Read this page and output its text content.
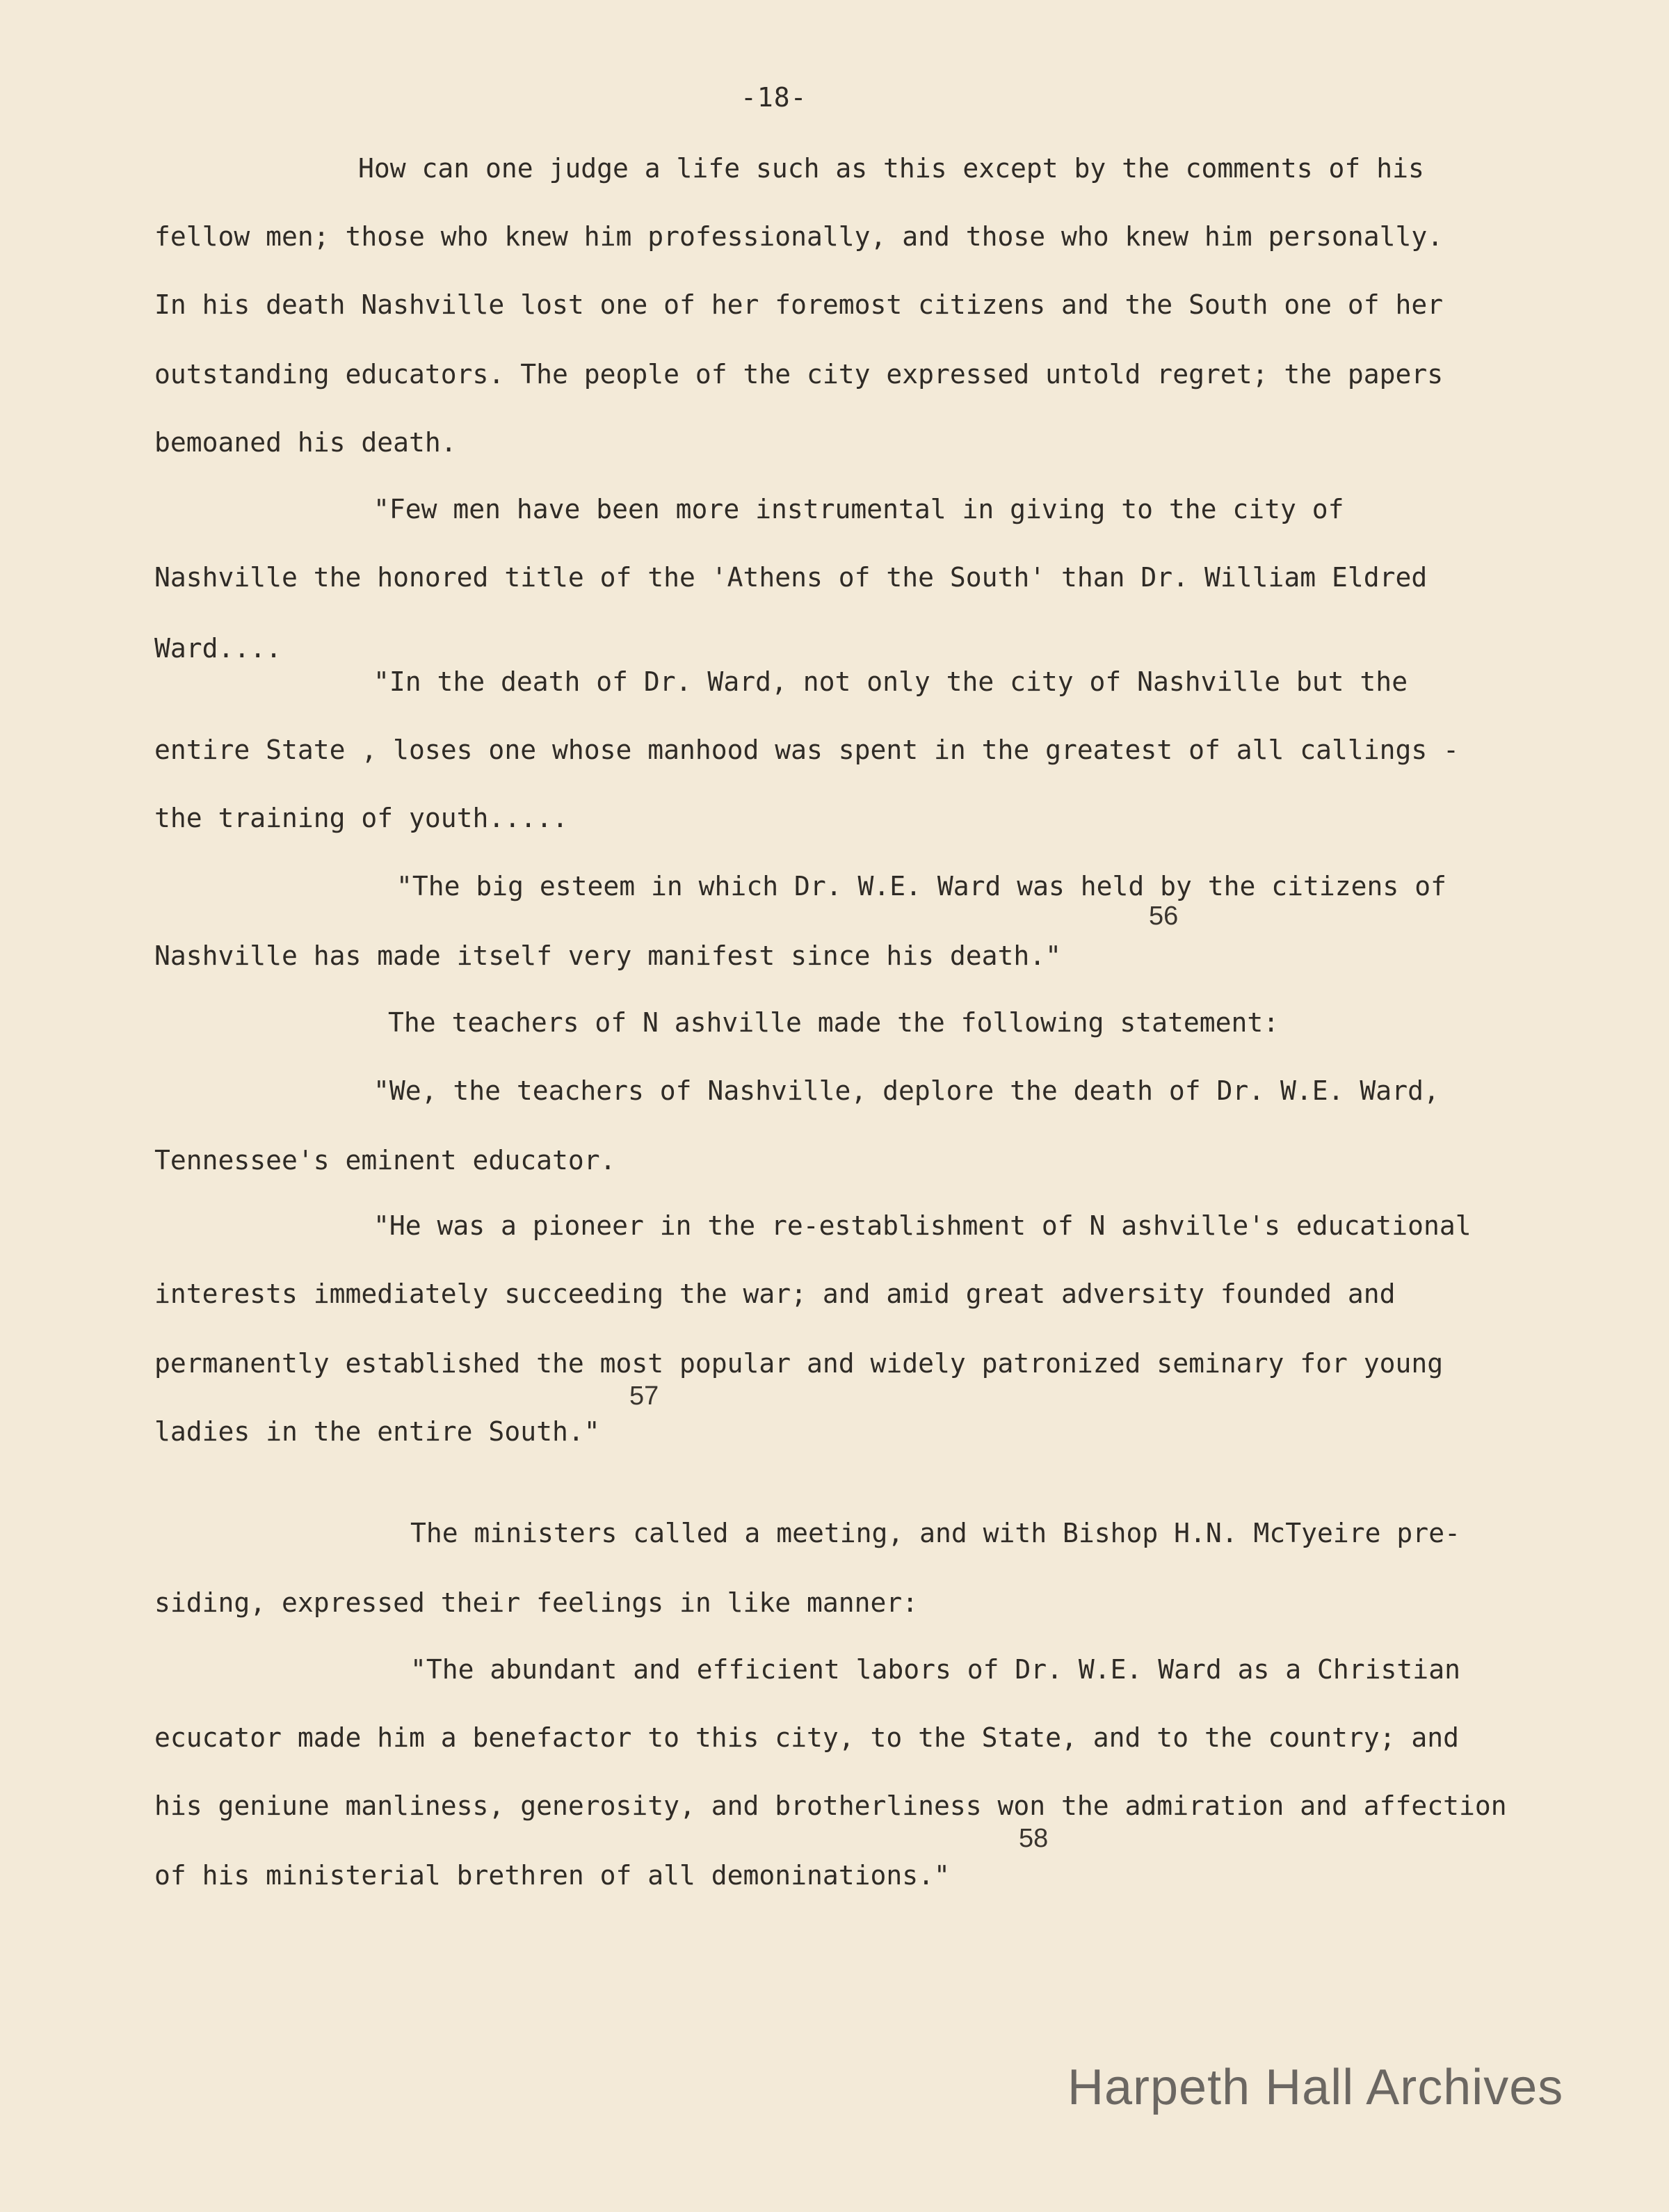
-18-
How can one judge a life such as this except by the comments of his
fellow men; those who knew him professionally, and those who knew him personally.
In his death Nashville lost one of her foremost citizens and the South one of her
outstanding educators. The people of the city expressed untold regret; the papers
bemoaned his death.
"Few men have been more instrumental in giving to the city of
Nashville the honored title of the 'Athens of the South' than Dr. William Eldred
Ward....
"In the death of Dr. Ward, not only the city of Nashville but the
entire State , loses one whose manhood was spent in the greatest of all callings -
the training of youth.....
"The big esteem in which Dr. W.E. Ward was held by the citizens of
56
Nashville has made itself very manifest since his death."
The teachers of N ashville made the following statement:
"We, the teachers of Nashville, deplore the death of Dr. W.E. Ward,
Tennessee's eminent educator.
"He was a pioneer in the re-establishment of N ashville's educational
interests immediately succeeding the war; and amid great adversity founded and
permanently established the most popular and widely patronized seminary for young
57
ladies in the entire South."
The ministers called a meeting, and with Bishop H.N. McTyeire pre-
siding, expressed their feelings in like manner:
"The abundant and efficient labors of Dr. W.E. Ward as a Christian
ecucator made him a benefactor to this city, to the State, and to the country; and
his geniune manliness, generosity, and brotherliness won the admiration and affection
58
of his ministerial brethren of all demoninations."
Harpeth Hall Archives
